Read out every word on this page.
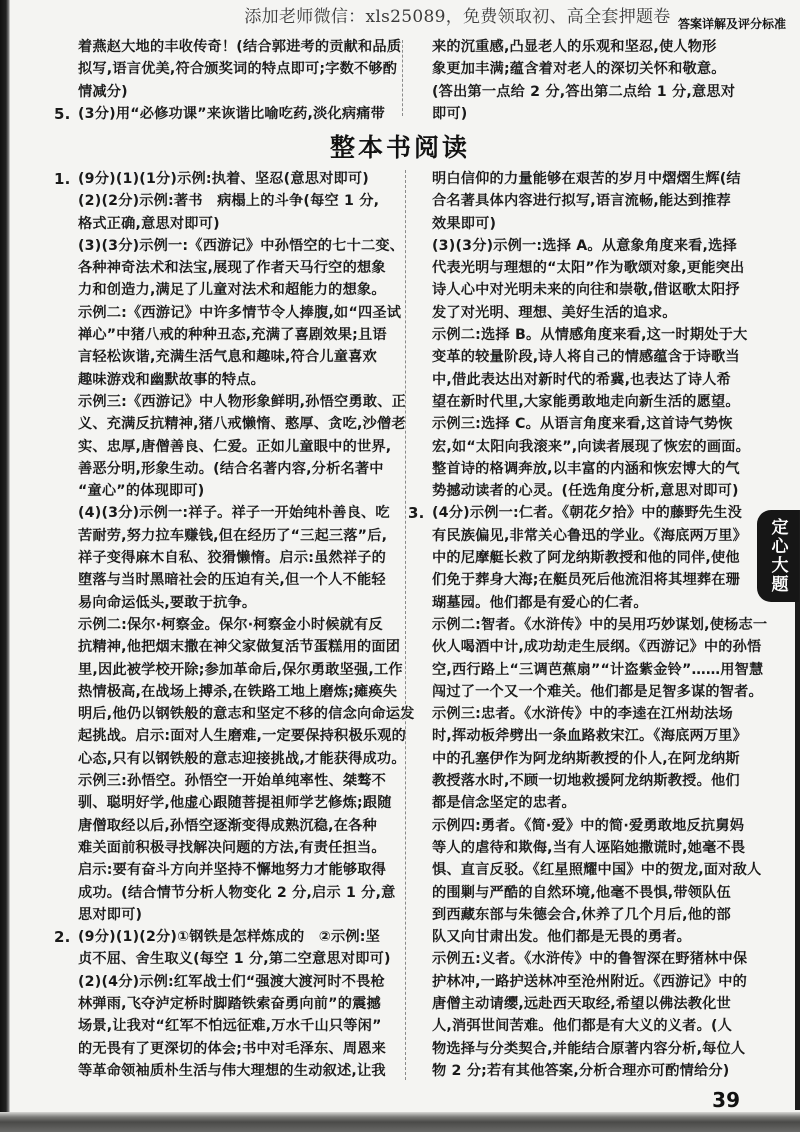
添加老师微信：xls25089，免费领取初、高全套押题卷 答案详解及评分标准
着燕赵大地的丰收传奇！(结合郭进考的贡献和品质
拟写,语言优美,符合颁奖词的特点即可;字数不够酌
情减分)
5. (3分)用“必修功课”来诙谐比喻吃药,淡化病痛带
来的沉重感,凸显老人的乐观和坚忍,使人物形
象更加丰满;蕴含着对老人的深切关怀和敬意。
(答出第一点给 2 分,答出第二点给 1 分,意思对
即可)
整本书阅读
1. (9分)(1)(1分)示例:执着、坚忍(意思对即可)
(2)(2分)示例:著书　病榻上的斗争(每空 1 分,
格式正确,意思对即可)
(3)(3分)示例一:《西游记》中孙悟空的七十二变、
各种神奇法术和法宝,展现了作者天马行空的想象
力和创造力,满足了儿童对法术和超能力的想象。
示例二:《西游记》中许多情节令人捧腹,如“四圣试
禅心”中猪八戒的种种丑态,充满了喜剧效果;且语
言轻松诙谐,充满生活气息和趣味,符合儿童喜欢
趣味游戏和幽默故事的特点。
示例三:《西游记》中人物形象鲜明,孙悟空勇敢、正
义、充满反抗精神,猪八戒懒惰、憨厚、贪吃,沙僧老
实、忠厚,唐僧善良、仁爱。正如儿童眼中的世界,
善恶分明,形象生动。(结合名著内容,分析名著中
“童心”的体现即可)
(4)(3分)示例一:祥子。祥子一开始纯朴善良、吃
苦耐劳,努力拉车赚钱,但在经历了“三起三落”后,
祥子变得麻木自私、狡猾懒惰。启示:虽然祥子的
堕落与当时黑暗社会的压迫有关,但一个人不能轻
易向命运低头,要敢于抗争。
示例二:保尔·柯察金。保尔·柯察金小时候就有反
抗精神,他把烟末撒在神父家做复活节蛋糕用的面团
里,因此被学校开除;参加革命后,保尔勇敢坚强,工作
热情极高,在战场上搏杀,在铁路工地上磨炼;瘫痪失
明后,他仍以钢铁般的意志和坚定不移的信念向命运发
起挑战。启示:面对人生磨难,一定要保持积极乐观的
心态,只有以钢铁般的意志迎接挑战,才能获得成功。
示例三:孙悟空。孙悟空一开始单纯率性、桀骜不
驯、聪明好学,他虚心跟随菩提祖师学艺修炼;跟随
唐僧取经以后,孙悟空逐渐变得成熟沉稳,在各种
难关面前积极寻找解决问题的方法,有责任担当。
启示:要有奋斗方向并坚持不懈地努力才能够取得
成功。(结合情节分析人物变化 2 分,启示 1 分,意
思对即可)
2. (9分)(1)(2分)①钢铁是怎样炼成的　②示例:坚
贞不屈、舍生取义(每空 1 分,第二空意思对即可)
(2)(4分)示例:红军战士们“强渡大渡河时不畏枪
林弹雨,飞夺泸定桥时脚踏铁索奋勇向前”的震撼
场景,让我对“红军不怕远征难,万水千山只等闲”
的无畏有了更深切的体会;书中对毛泽东、周恩来
等革命领袖质朴生活与伟大理想的生动叙述,让我
明白信仰的力量能够在艰苦的岁月中熠熠生辉(结
合名著具体内容进行拟写,语言流畅,能达到推荐
效果即可)
(3)(3分)示例一:选择 A。从意象角度来看,选择
代表光明与理想的“太阳”作为歌颂对象,更能突出
诗人心中对光明未来的向往和崇敬,借讴歌太阳抒
发了对光明、理想、美好生活的追求。
示例二:选择 B。从情感角度来看,这一时期处于大
变革的较量阶段,诗人将自己的情感蕴含于诗歌当
中,借此表达出对新时代的希冀,也表达了诗人希
望在新时代里,大家能勇敢地走向新生活的愿望。
示例三:选择 C。从语言角度来看,这首诗气势恢
宏,如“太阳向我滚来”,向读者展现了恢宏的画面。
整首诗的格调奔放,以丰富的内涵和恢宏博大的气
势撼动读者的心灵。(任选角度分析,意思对即可)
3. (4分)示例一:仁者。《朝花夕拾》中的藤野先生没
有民族偏见,非常关心鲁迅的学业。《海底两万里》
中的尼摩艇长救了阿龙纳斯教授和他的同伴,使他
们免于葬身大海;在艇员死后他流泪将其埋葬在珊
瑚墓园。他们都是有爱心的仁者。
示例二:智者。《水浒传》中的吴用巧妙谋划,使杨志一
伙人喝酒中计,成功劫走生辰纲。《西游记》中的孙悟
空,西行路上“三调芭蕉扇”“计盗紫金铃”……用智慧
闯过了一个又一个难关。他们都是足智多谋的智者。
示例三:忠者。《水浒传》中的李逵在江州劫法场
时,挥动板斧劈出一条血路救宋江。《海底两万里》
中的孔塞伊作为阿龙纳斯教授的仆人,在阿龙纳斯
教授落水时,不顾一切地救援阿龙纳斯教授。他们
都是信念坚定的忠者。
示例四:勇者。《简·爱》中的简·爱勇敢地反抗舅妈
等人的虐待和欺侮,当有人诬陷她撒谎时,她毫不畏
惧、直言反驳。《红星照耀中国》中的贺龙,面对敌人
的围剿与严酷的自然环境,他毫不畏惧,带领队伍
到西藏东部与朱德会合,休养了几个月后,他的部
队又向甘肃出发。他们都是无畏的勇者。
示例五:义者。《水浒传》中的鲁智深在野猪林中保
护林冲,一路护送林冲至沧州附近。《西游记》中的
唐僧主动请缨,远赴西天取经,希望以佛法教化世
人,消弭世间苦难。他们都是有大义的义者。(人
物选择与分类契合,并能结合原著内容分析,每位人
物 2 分;若有其他答案,分析合理亦可酌情给分)
定心大题
39
